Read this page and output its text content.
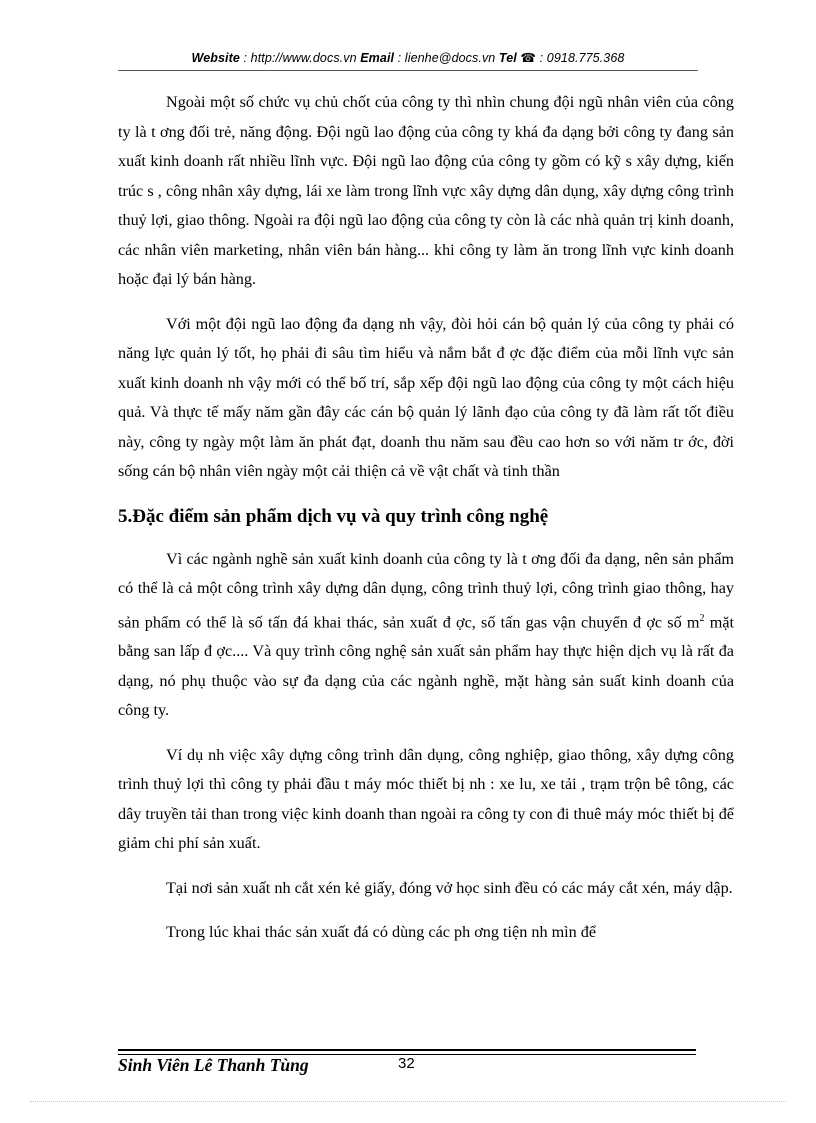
Website : http://www.docs.vn Email : lienhe@docs.vn Tel ☎ : 0918.775.368

Ngoài một số chức vụ chủ chốt của công ty thì nhìn chung đội ngũ nhân viên của công ty là t ơng đối trẻ, năng động. Đội ngũ lao động của công ty khá đa dạng bởi công ty đang sản xuất kinh doanh rất nhiều lĩnh vực. Đội ngũ lao động của công ty gồm có kỹ s xây dựng, kiến trúc s , công nhân xây dựng, lái xe làm trong lĩnh vực xây dựng dân dụng, xây dựng công trình thuỷ lợi, giao thông. Ngoài ra đội ngũ lao động của công ty còn là các nhà quản trị kinh doanh, các nhân viên marketing, nhân viên bán hàng... khi công ty làm ăn trong lĩnh vực kinh doanh hoặc đại lý bán hàng.

Với một đội ngũ lao động đa dạng nh vậy, đòi hỏi cán bộ quản lý của công ty phải có năng lực quản lý tốt, họ phải đi sâu tìm hiểu và nắm bắt đ ợc đặc điểm của mỗi lĩnh vực sản xuất kinh doanh nh vậy mới có thể bố trí, sắp xếp đội ngũ lao động của công ty một cách hiệu quả. Và thực tế mấy năm gần đây các cán bộ quản lý lãnh đạo của công ty đã làm rất tốt điều này, công ty ngày một làm ăn phát đạt, doanh thu năm sau đều cao hơn so với năm tr ớc, đời sống cán bộ nhân viên ngày một cải thiện cả về vật chất và tinh thần

5.Đặc điểm sản phẩm dịch vụ và quy trình công nghệ

Vì các ngành nghề sản xuất kinh doanh của công ty là t ơng đối đa dạng, nên sản phẩm có thể là cả một công trình xây dựng dân dụng, công trình thuỷ lợi, công trình giao thông, hay sản phẩm có thể là số tấn đá khai thác, sản xuất đ ợc, số tấn gas vận chuyển đ ợc số $m^2$ mặt bằng san lấp đ ợc.... Và quy trình công nghệ sản xuất sản phẩm hay thực hiện dịch vụ là rất đa dạng, nó phụ thuộc vào sự đa dạng của các ngành nghề, mặt hàng sản suất kinh doanh của công ty.

Ví dụ nh việc xây dựng công trình dân dụng, công nghiệp, giao thông, xây dựng công trình thuỷ lợi thì công ty phải đầu t máy móc thiết bị nh : xe lu, xe tải , trạm trộn bê tông, các dây truyền tải than trong việc kinh doanh than ngoài ra công ty con đi thuê máy móc thiết bị để giảm chi phí sản xuất.

Tại nơi sản xuất nh cắt xén kẻ giấy, đóng vở học sinh đều có các máy cắt xén, máy dập.

Trong lúc khai thác sản xuất đá có dùng các ph ơng tiện nh mìn để

Sinh Viên Lê Thanh Tùng	32
